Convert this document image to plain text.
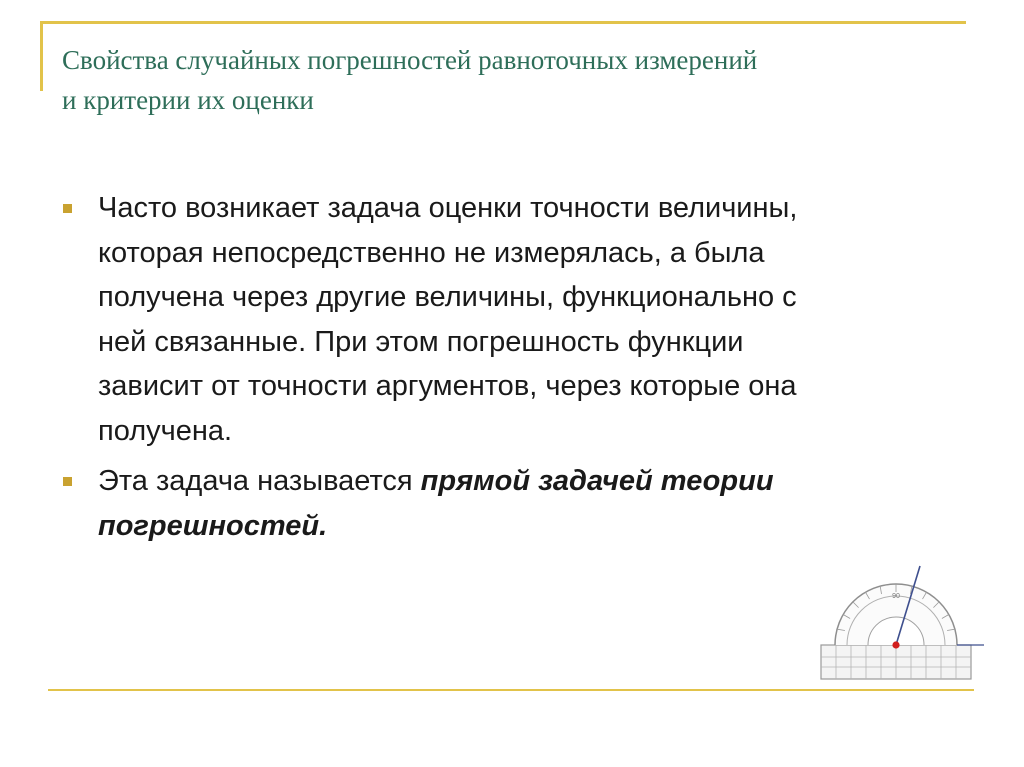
Свойства случайных погрешностей равноточных измерений
и критерии их оценки
Часто возникает задача оценки точности величины,
которая непосредственно не измерялась, а была
получена через другие величины, функционально с
ней связанные. При этом погрешность функции
зависит от точности аргументов, через которые она
получена.
Эта задача называется прямой задачей теории
погрешностей.
90
